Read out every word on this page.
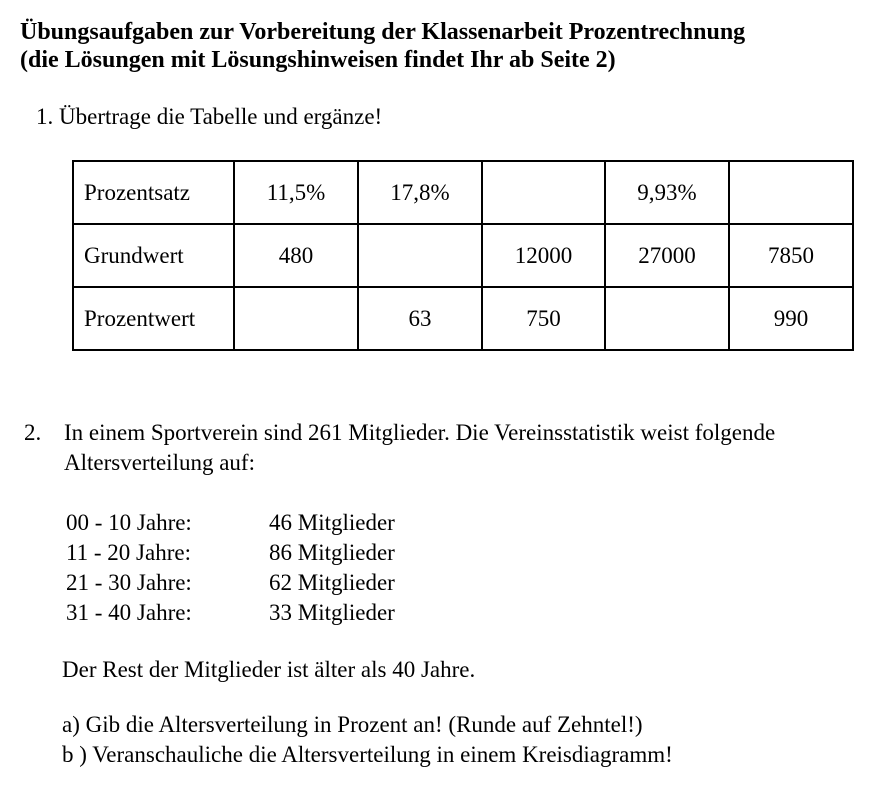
Übungsaufgaben zur Vorbereitung der Klassenarbeit Prozentrechnung
(die Lösungen mit Lösungshinweisen findet Ihr ab Seite 2)
1. Übertrage die Tabelle und ergänze!
Prozentsatz	11,5%	17,8%		9,93%	
Grundwert	480		12000	27000	7850
Prozentwert		63	750		990
2. In einem Sportverein sind 261 Mitglieder. Die Vereinsstatistik weist folgende
Altersverteilung auf:
00 - 10 Jahre:	46 Mitglieder
11 - 20 Jahre:	86 Mitglieder
21 - 30 Jahre:	62 Mitglieder
31 - 40 Jahre:	33 Mitglieder
Der Rest der Mitglieder ist älter als 40 Jahre.
a) Gib die Altersverteilung in Prozent an! (Runde auf Zehntel!)
b ) Veranschauliche die Altersverteilung in einem Kreisdiagramm!
